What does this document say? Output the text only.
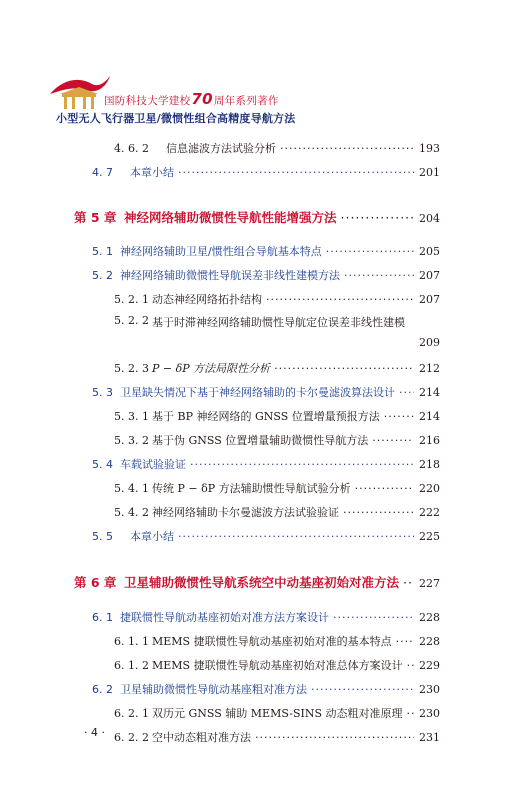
国防科技大学建校70周年系列著作
小型无人飞行器卫星/微惯性组合高精度导航方法
4. 6. 2	信息滤波方法试验分析 ·····	193
4. 7	本章小结 ·····	201
第 5 章 神经网络辅助微惯性导航性能增强方法 ·····	204
5. 1 神经网络辅助卫星/惯性组合导航基本特点 ·····	205
5. 2 神经网络辅助微惯性导航误差非线性建模方法 ·····	207
5. 2. 1 动态神经网络拓扑结构 ·····	207
5. 2. 2 基于时滞神经网络辅助惯性导航定位误差非线性建模
209
5. 2. 3 P − δP 方法局限性分析 ·····	212
5. 3 卫星缺失情况下基于神经网络辅助的卡尔曼滤波算法设计 ····· 214
5. 3. 1 基于 BP 神经网络的 GNSS 位置增量预报方法 ·····	214
5. 3. 2 基于伪 GNSS 位置增量辅助微惯性导航方法 ·····	216
5. 4 车载试验验证 ·····	218
5. 4. 1 传统 P − δP 方法辅助惯性导航试验分析 ·····	220
5. 4. 2 神经网络辅助卡尔曼滤波方法试验验证 ·····	222
5. 5	本章小结 ·····	225
第 6 章 卫星辅助微惯性导航系统空中动基座初始对准方法 ····· 227
6. 1 捷联惯性导航动基座初始对准方法方案设计 ·····	228
6. 1. 1 MEMS 捷联惯性导航动基座初始对准的基本特点 ····· 228
6. 1. 2 MEMS 捷联惯性导航动基座初始对准总体方案设计 ····· 229
6. 2 卫星辅助微惯性导航动基座粗对准方法 ·····	230
6. 2. 1 双历元 GNSS 辅助 MEMS-SINS 动态粗对准原理 ····· 230
6. 2. 2 空中动态粗对准方法 ·····	231
· 4 ·
